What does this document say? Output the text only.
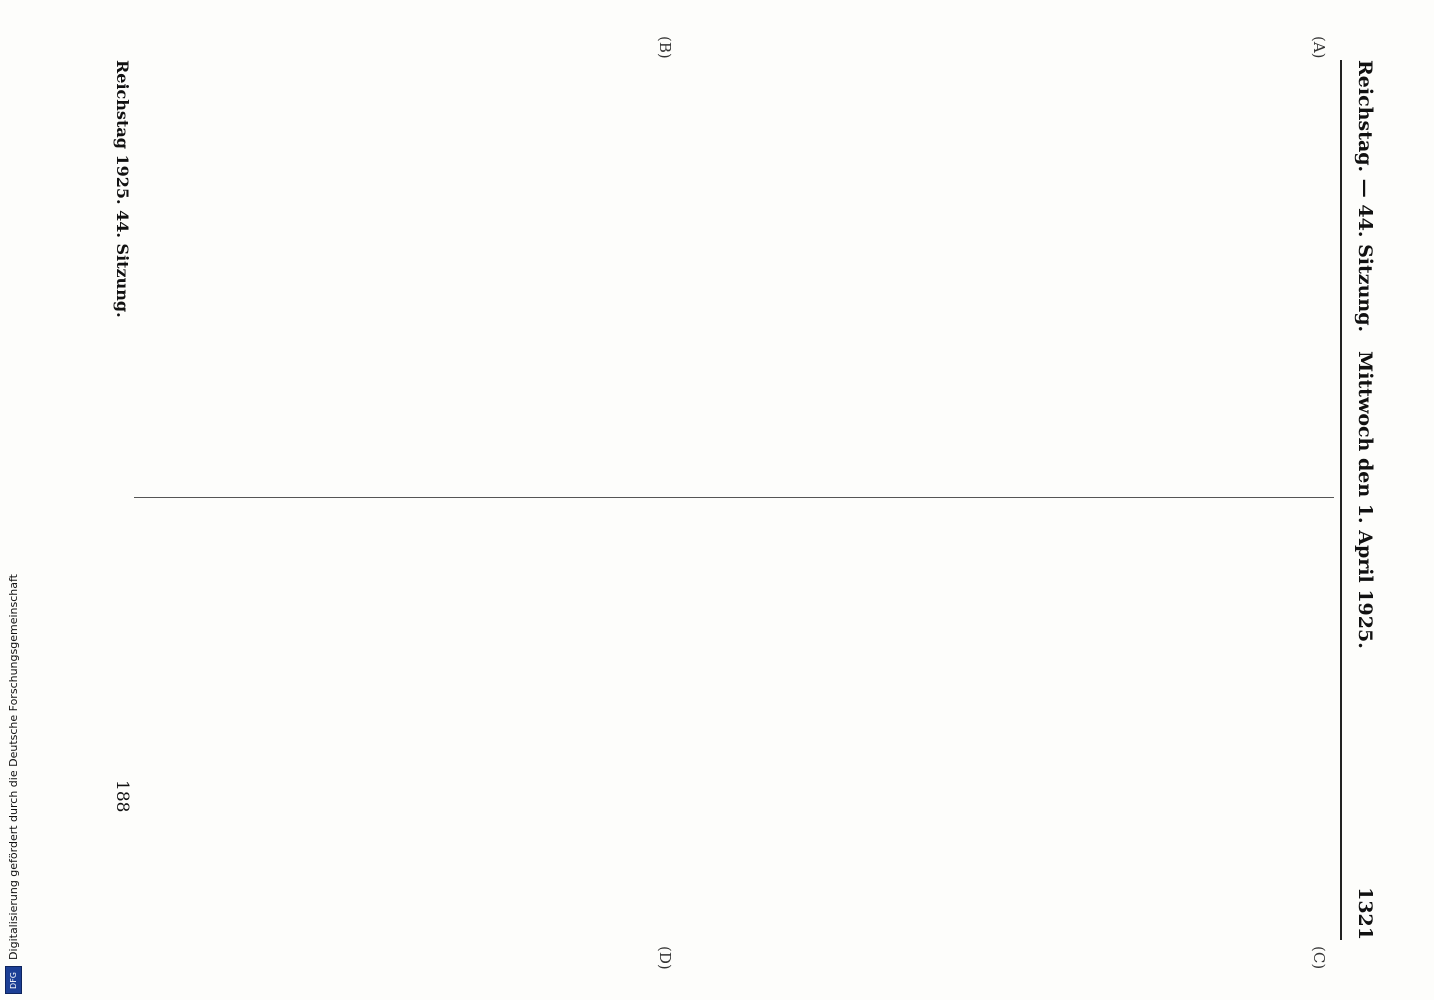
Reichstag. — 44. Sitzung.
Mittwoch den 1. April 1925.
1321
(A)
(B)
(C)
(D)

Reichstag 1925. 44. Sitzung.
188
Digitalisierung gefördert durch die Deutsche Forschungsgemeinschaft
DFG
